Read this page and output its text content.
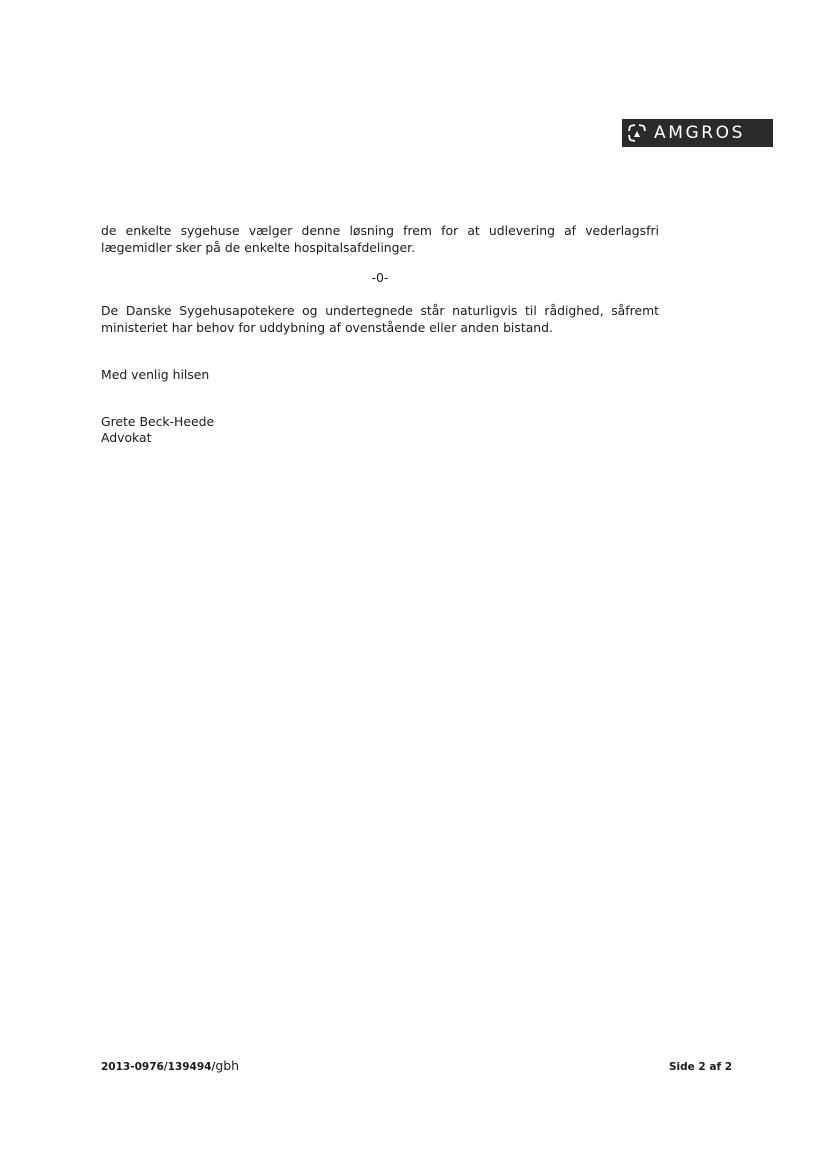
AMGROS

de enkelte sygehuse vælger denne løsning frem for at udlevering af vederlagsfri lægemidler sker på de enkelte hospitalsafdelinger.

-0-

De Danske Sygehusapotekere og undertegnede står naturligvis til rådighed, såfremt ministeriet har behov for uddybning af ovenstående eller anden bistand.

Med venlig hilsen

Grete Beck-Heede
Advokat
2013-0976/139494/gbh	Side 2 af 2
